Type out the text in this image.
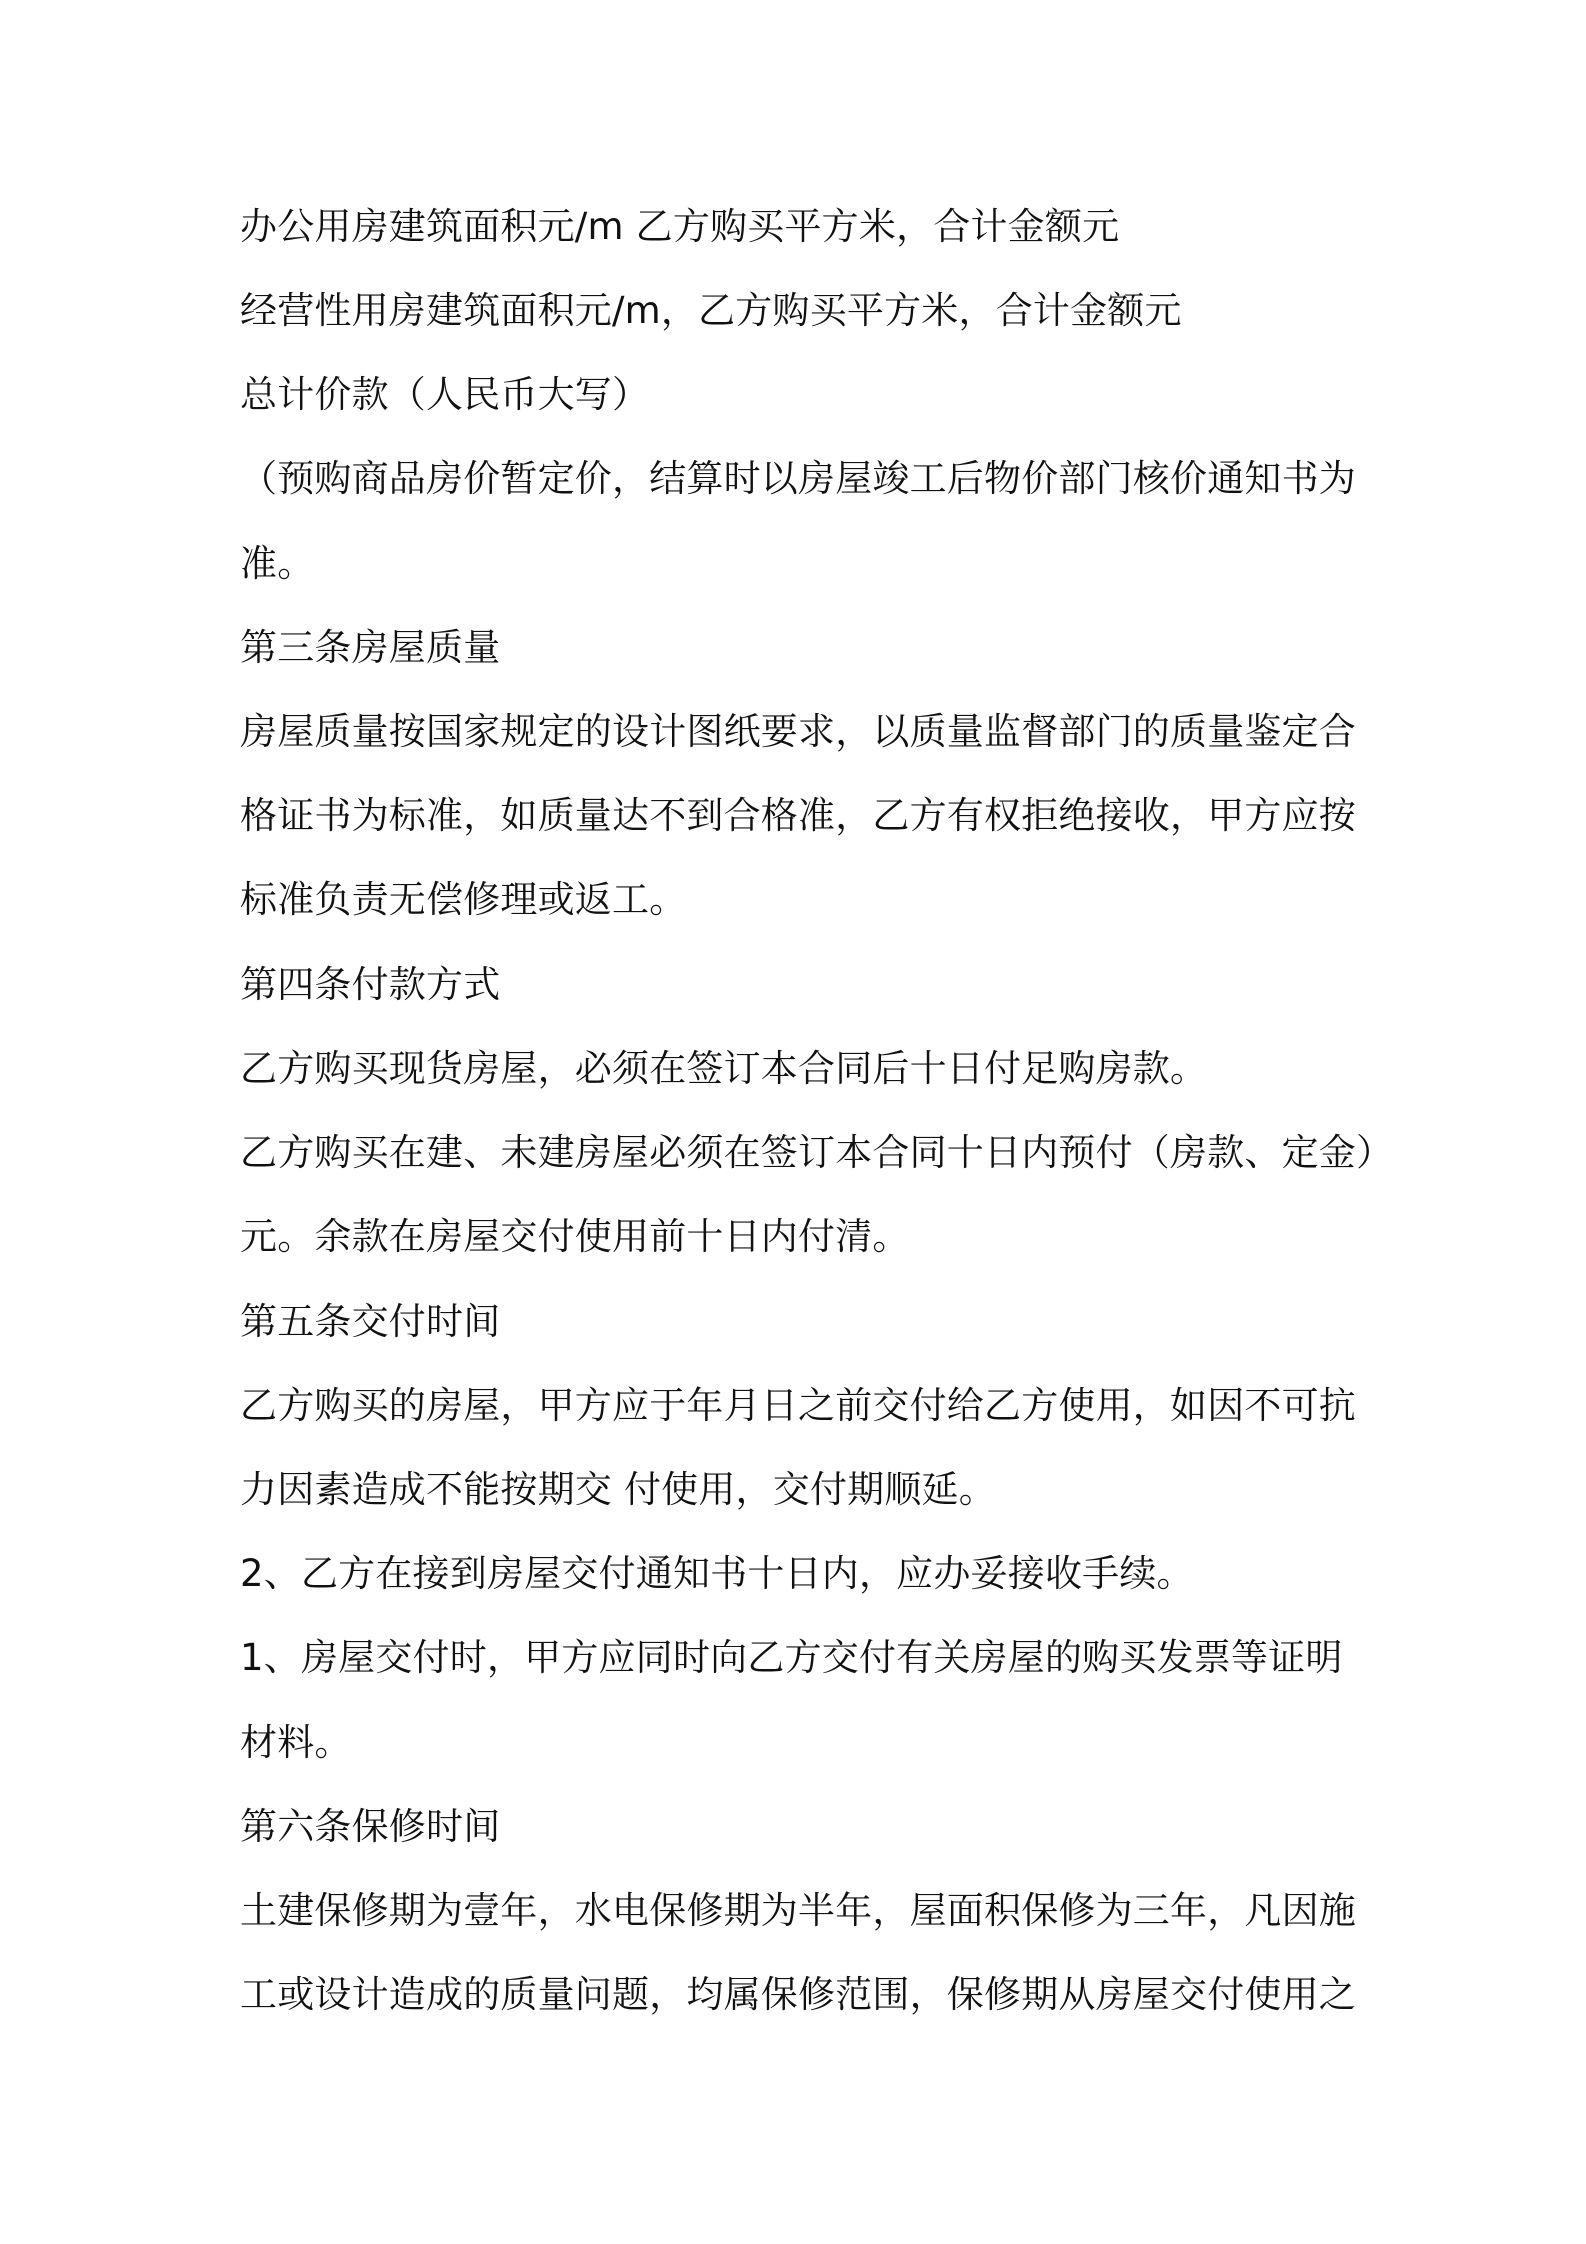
办公用房建筑面积元/m 乙方购买平方米，合计金额元

经营性用房建筑面积元/m，乙方购买平方米，合计金额元

总计价款（人民币大写）

（预购商品房价暂定价，结算时以房屋竣工后物价部门核价通知书为

准。

第三条房屋质量

房屋质量按国家规定的设计图纸要求，以质量监督部门的质量鉴定合

格证书为标准，如质量达不到合格准，乙方有权拒绝接收，甲方应按

标准负责无偿修理或返工。

第四条付款方式

乙方购买现货房屋，必须在签订本合同后十日付足购房款。

乙方购买在建、未建房屋必须在签订本合同十日内预付（房款、定金）

元。余款在房屋交付使用前十日内付清。

第五条交付时间

乙方购买的房屋，甲方应于年月日之前交付给乙方使用，如因不可抗

力因素造成不能按期交 付使用，交付期顺延。

2、乙方在接到房屋交付通知书十日内，应办妥接收手续。

1、房屋交付时，甲方应同时向乙方交付有关房屋的购买发票等证明

材料。

第六条保修时间

土建保修期为壹年，水电保修期为半年，屋面积保修为三年，凡因施

工或设计造成的质量问题，均属保修范围，保修期从房屋交付使用之
